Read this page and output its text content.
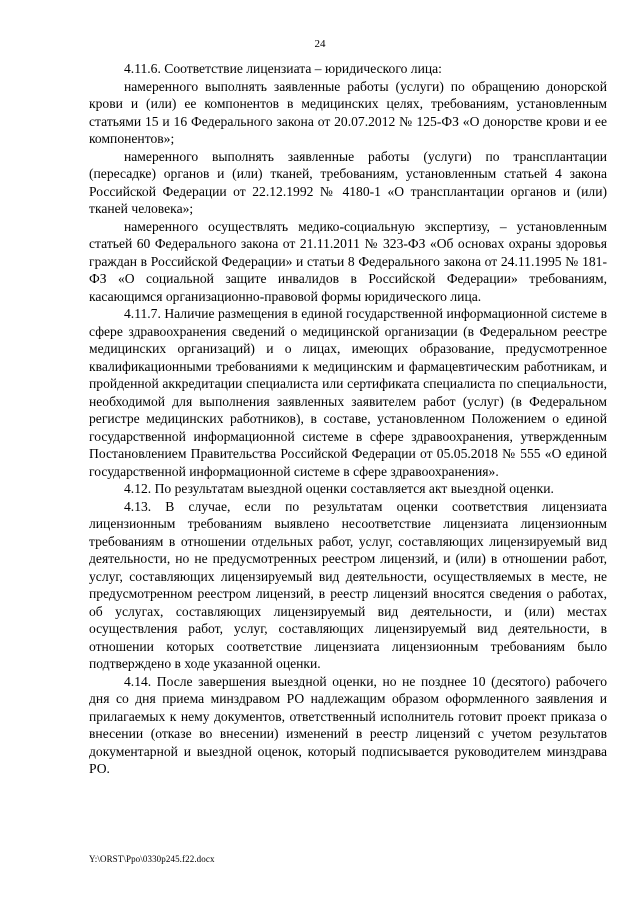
24

4.11.6. Соответствие лицензиата – юридического лица:

намеренного выполнять заявленные работы (услуги) по обращению донорской крови и (или) ее компонентов в медицинских целях, требованиям, установленным статьями 15 и 16 Федерального закона от 20.07.2012 № 125-ФЗ «О донорстве крови и ее компонентов»;

намеренного выполнять заявленные работы (услуги) по трансплантации (пересадке) органов и (или) тканей, требованиям, установленным статьей 4 закона Российской Федерации от 22.12.1992 № 4180-1 «О трансплантации органов и (или) тканей человека»;

намеренного осуществлять медико-социальную экспертизу, – установленным статьей 60 Федерального закона от 21.11.2011 № 323-ФЗ «Об основах охраны здоровья граждан в Российской Федерации» и статьи 8 Федерального закона от 24.11.1995 № 181-ФЗ «О социальной защите инвалидов в Российской Федерации» требованиям, касающимся организационно-правовой формы юридического лица.

4.11.7. Наличие размещения в единой государственной информационной системе в сфере здравоохранения сведений о медицинской организации (в Федеральном реестре медицинских организаций) и о лицах, имеющих образование, предусмотренное квалификационными требованиями к медицинским и фармацевтическим работникам, и пройденной аккредитации специалиста или сертификата специалиста по специальности, необходимой для выполнения заявленных заявителем работ (услуг) (в Федеральном регистре медицинских работников), в составе, установленном Положением о единой государственной информационной системе в сфере здравоохранения, утвержденным Постановлением Правительства Российской Федерации от 05.05.2018 № 555 «О единой государственной информационной системе в сфере здравоохранения».

4.12. По результатам выездной оценки составляется акт выездной оценки.

4.13. В случае, если по результатам оценки соответствия лицензиата лицензионным требованиям выявлено несоответствие лицензиата лицензионным требованиям в отношении отдельных работ, услуг, составляющих лицензируемый вид деятельности, но не предусмотренных реестром лицензий, и (или) в отношении работ, услуг, составляющих лицензируемый вид деятельности, осуществляемых в месте, не предусмотренном реестром лицензий, в реестр лицензий вносятся сведения о работах, об услугах, составляющих лицензируемый вид деятельности, и (или) местах осуществления работ, услуг, составляющих лицензируемый вид деятельности, в отношении которых соответствие лицензиата лицензионным требованиям было подтверждено в ходе указанной оценки.

4.14. После завершения выездной оценки, но не позднее 10 (десятого) рабочего дня со дня приема минздравом РО надлежащим образом оформленного заявления и прилагаемых к нему документов, ответственный исполнитель готовит проект приказа о внесении (отказе во внесении) изменений в реестр лицензий с учетом результатов документарной и выездной оценок, который подписывается руководителем минздрава РО.

Y:\ORST\Ppo\0330p245.f22.docx
